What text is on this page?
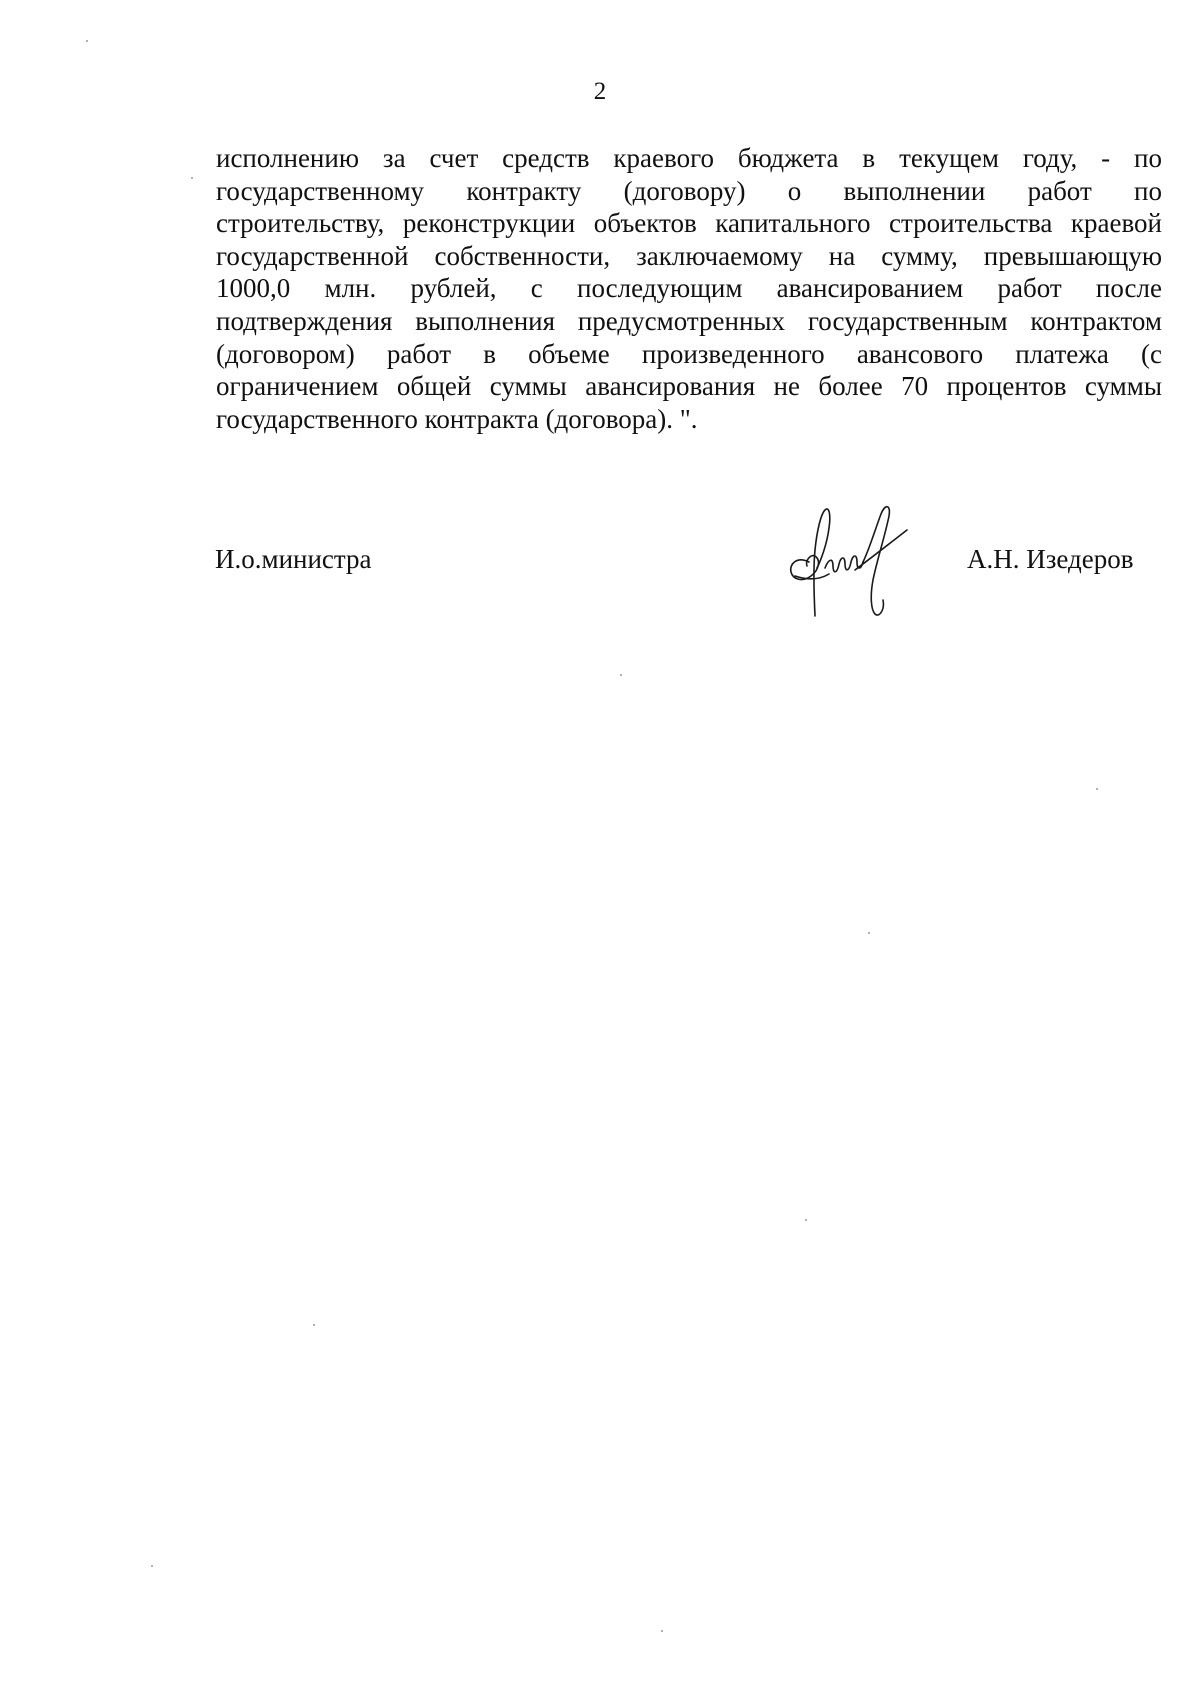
2
исполнению за счет средств краевого бюджета в текущем году, - по
государственному контракту (договору) о выполнении работ по
строительству, реконструкции объектов капитального строительства краевой
государственной собственности, заключаемому на сумму, превышающую
1000,0 млн. рублей, с последующим авансированием работ после
подтверждения выполнения предусмотренных государственным контрактом
(договором) работ в объеме произведенного авансового платежа (с
ограничением общей суммы авансирования не более 70 процентов суммы
государственного контракта (договора). ".
И.о.министра	А.Н. Изедеров
